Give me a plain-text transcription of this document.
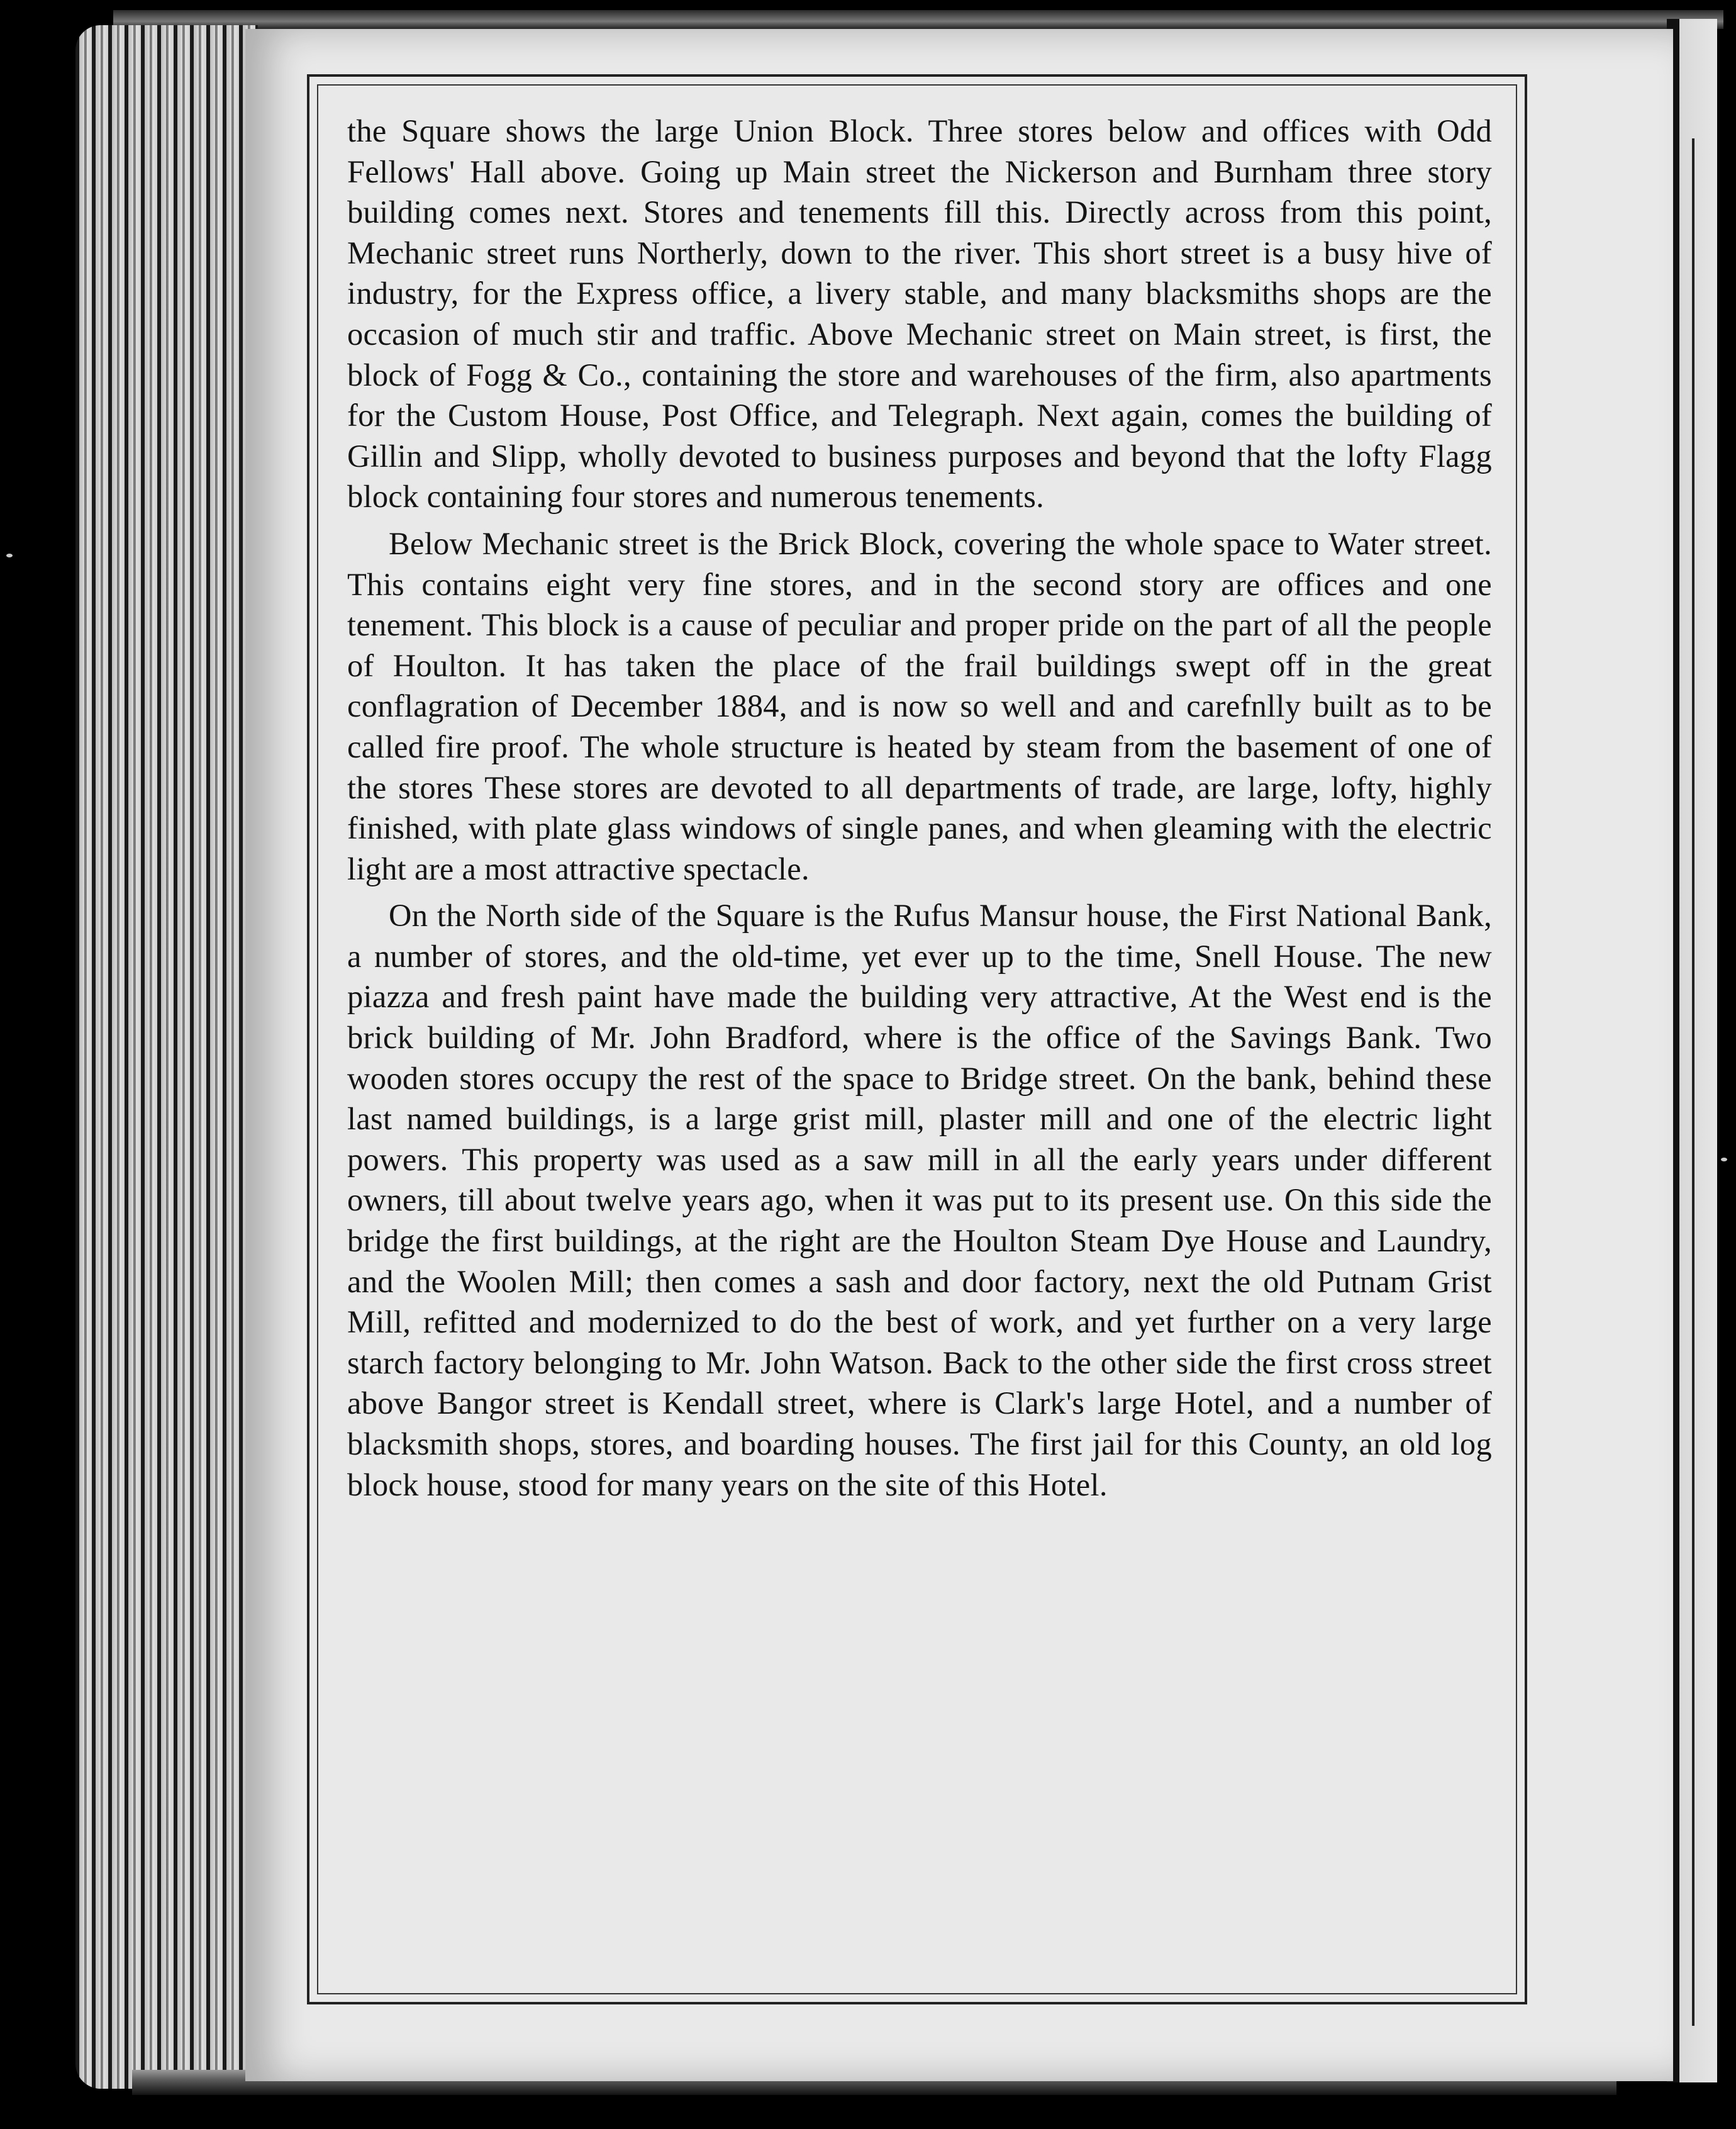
the Square shows the large Union Block. Three stores below and offices with Odd Fellows' Hall above. Going up Main street the Nickerson and Burnham three story building comes next. Stores and tenements fill this. Directly across from this point, Mechanic street runs Northerly, down to the river. This short street is a busy hive of industry, for the Express office, a livery stable, and many blacksmiths shops are the occasion of much stir and traffic. Above Mechanic street on Main street, is first, the block of Fogg & Co., containing the store and warehouses of the firm, also apartments for the Custom House, Post Office, and Telegraph. Next again, comes the building of Gillin and Slipp, wholly devoted to business purposes and beyond that the lofty Flagg block containing four stores and numerous tenements.

Below Mechanic street is the Brick Block, covering the whole space to Water street. This contains eight very fine stores, and in the second story are offices and one tenement. This block is a cause of peculiar and proper pride on the part of all the people of Houlton. It has taken the place of the frail buildings swept off in the great conflagration of December 1884, and is now so well and and carefnlly built as to be called fire proof. The whole structure is heated by steam from the basement of one of the stores These stores are devoted to all departments of trade, are large, lofty, highly finished, with plate glass windows of single panes, and when gleaming with the electric light are a most attractive spectacle.

On the North side of the Square is the Rufus Mansur house, the First National Bank, a number of stores, and the old-time, yet ever up to the time, Snell House. The new piazza and fresh paint have made the building very attractive, At the West end is the brick building of Mr. John Bradford, where is the office of the Savings Bank. Two wooden stores occupy the rest of the space to Bridge street. On the bank, behind these last named buildings, is a large grist mill, plaster mill and one of the electric light powers. This property was used as a saw mill in all the early years under different owners, till about twelve years ago, when it was put to its present use. On this side the bridge the first buildings, at the right are the Houlton Steam Dye House and Laundry, and the Woolen Mill; then comes a sash and door factory, next the old Putnam Grist Mill, refitted and modernized to do the best of work, and yet further on a very large starch factory belonging to Mr. John Watson. Back to the other side the first cross street above Bangor street is Kendall street, where is Clark's large Hotel, and a number of blacksmith shops, stores, and boarding houses. The first jail for this County, an old log block house, stood for many years on the site of this Hotel.
